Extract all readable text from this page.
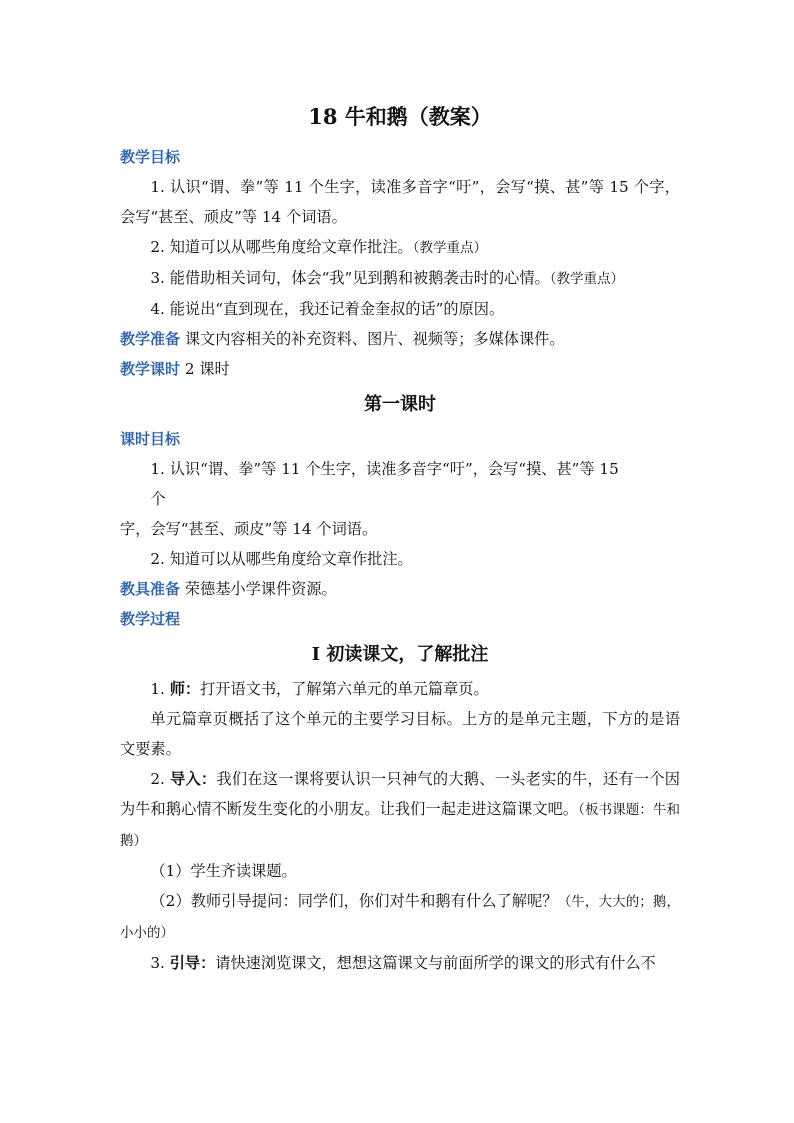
18 牛和鹅（教案）
教学目标
1. 认识“谓、拳”等 11 个生字，读准多音字“吁”，会写“摸、甚”等 15 个字，会写“甚至、顽皮”等 14 个词语。
2. 知道可以从哪些角度给文章作批注。（教学重点）
3. 能借助相关词句，体会“我”见到鹅和被鹅袭击时的心情。（教学重点）
4. 能说出“直到现在，我还记着金奎叔的话”的原因。
教学准备 课文内容相关的补充资料、图片、视频等；多媒体课件。
教学课时 2 课时
第一课时
课时目标
1. 认识“谓、拳”等 11 个生字，读准多音字“吁”，会写“摸、甚”等 15
个
字，会写“甚至、顽皮”等 14 个词语。
2. 知道可以从哪些角度给文章作批注。
教具准备 荣德基小学课件资源。
教学过程
Ⅰ 初读课文，了解批注
1. 师：打开语文书，了解第六单元的单元篇章页。
单元篇章页概括了这个单元的主要学习目标。上方的是单元主题，下方的是语文要素。
2. 导入：我们在这一课将要认识一只神气的大鹅、一头老实的牛，还有一个因为牛和鹅心情不断发生变化的小朋友。让我们一起走进这篇课文吧。（板书课题：牛和鹅）
（1）学生齐读课题。
（2）教师引导提问：同学们，你们对牛和鹅有什么了解呢？（牛，大大的；鹅，小小的）
3. 引导：请快速浏览课文，想想这篇课文与前面所学的课文的形式有什么不
